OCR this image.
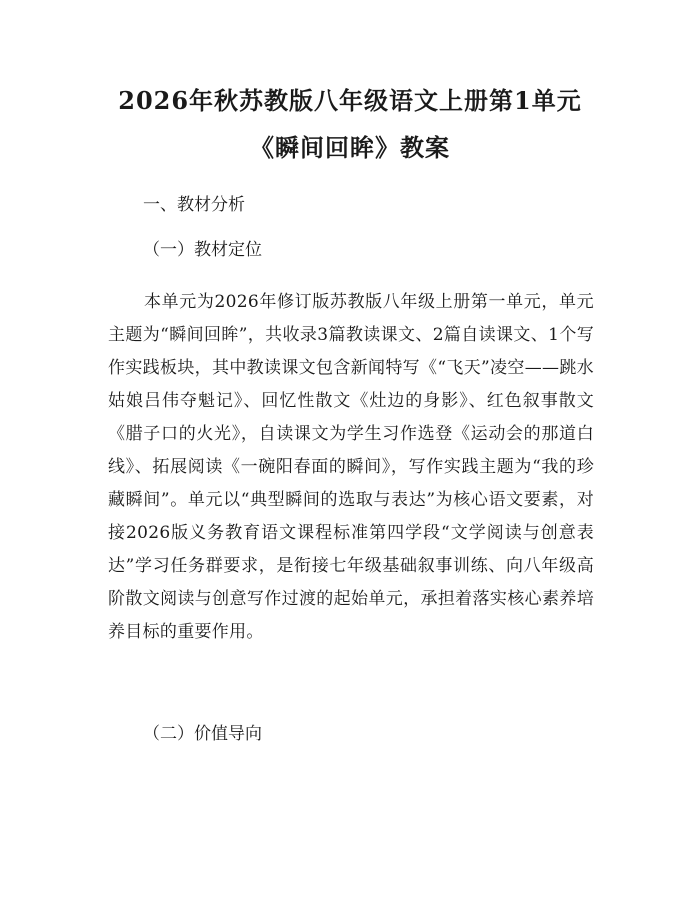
2026年秋苏教版八年级语文上册第1单元
《瞬间回眸》教案
一、教材分析
（一）教材定位

本单元为2026年修订版苏教版八年级上册第一单元，单元主题为“瞬间回眸”，共收录3篇教读课文、2篇自读课文、1个写作实践板块，其中教读课文包含新闻特写《“飞天”凌空——跳水姑娘吕伟夺魁记》、回忆性散文《灶边的身影》、红色叙事散文《腊子口的火光》，自读课文为学生习作选登《运动会的那道白线》、拓展阅读《一碗阳春面的瞬间》，写作实践主题为“我的珍藏瞬间”。单元以“典型瞬间的选取与表达”为核心语文要素，对接2026版义务教育语文课程标准第四学段“文学阅读与创意表达”学习任务群要求，是衔接七年级基础叙事训练、向八年级高阶散文阅读与创意写作过渡的起始单元，承担着落实核心素养培养目标的重要作用。

（二）价值导向
